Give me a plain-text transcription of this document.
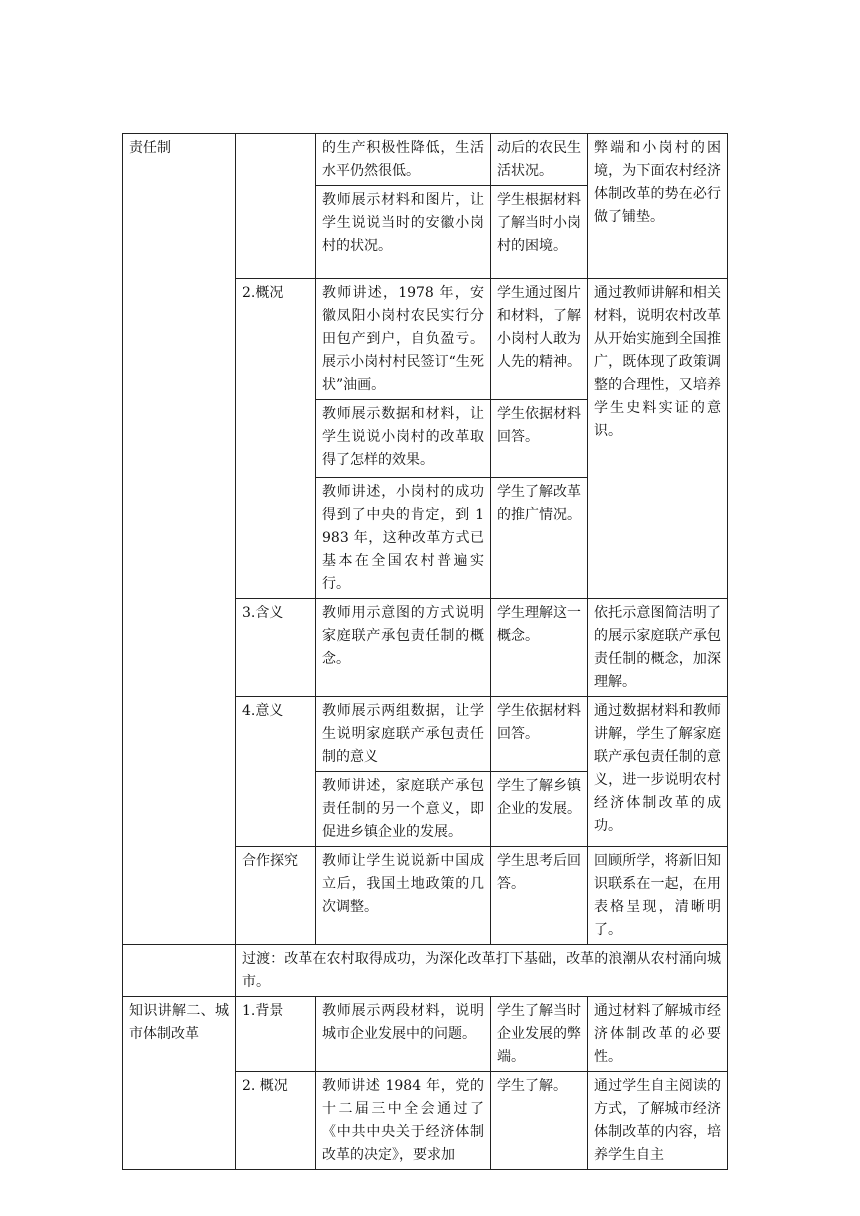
责任制		的生产积极性降低，生活水平仍然很低。	动后的农民生活状况。	弊端和小岗村的困境，为下面农村经济体制改革的势在必行做了铺垫。
		教师展示材料和图片，让学生说说当时的安徽小岗村的状况。	学生根据材料了解当时小岗村的困境。	
	2.概况	教师讲述，1978 年，安徽凤阳小岗村农民实行分田包产到户，自负盈亏。展示小岗村村民签订“生死状”油画。	学生通过图片和材料，了解小岗村人敢为人先的精神。	通过教师讲解和相关材料，说明农村改革从开始实施到全国推广，既体现了政策调整的合理性，又培养学生史料实证的意识。
		教师展示数据和材料，让学生说说小岗村的改革取得了怎样的效果。	学生依据材料回答。	
		教师讲述，小岗村的成功得到了中央的肯定，到 1983 年，这种改革方式已基本在全国农村普遍实行。	学生了解改革的推广情况。	
	3.含义	教师用示意图的方式说明家庭联产承包责任制的概念。	学生理解这一概念。	依托示意图简洁明了的展示家庭联产承包责任制的概念，加深理解。
	4.意义	教师展示两组数据，让学生说明家庭联产承包责任制的意义	学生依据材料回答。	通过数据材料和教师讲解，学生了解家庭联产承包责任制的意义，进一步说明农村经济体制改革的成功。
		教师讲述，家庭联产承包责任制的另一个意义，即促进乡镇企业的发展。	学生了解乡镇企业的发展。	
	合作探究	教师让学生说说新中国成立后，我国土地政策的几次调整。	学生思考后回答。	回顾所学，将新旧知识联系在一起，在用表格呈现，清晰明了。
	过渡：改革在农村取得成功，为深化改革打下基础，改革的浪潮从农村涌向城市。			
知识讲解二、城市体制改革	1.背景	教师展示两段材料，说明城市企业发展中的问题。	学生了解当时企业发展的弊端。	通过材料了解城市经济体制改革的必要性。
	2. 概况	教师讲述 1984 年，党的十二届三中全会通过了《中共中央关于经济体制改革的决定》，要求加	学生了解。	通过学生自主阅读的方式，了解城市经济体制改革的内容，培养学生自主
